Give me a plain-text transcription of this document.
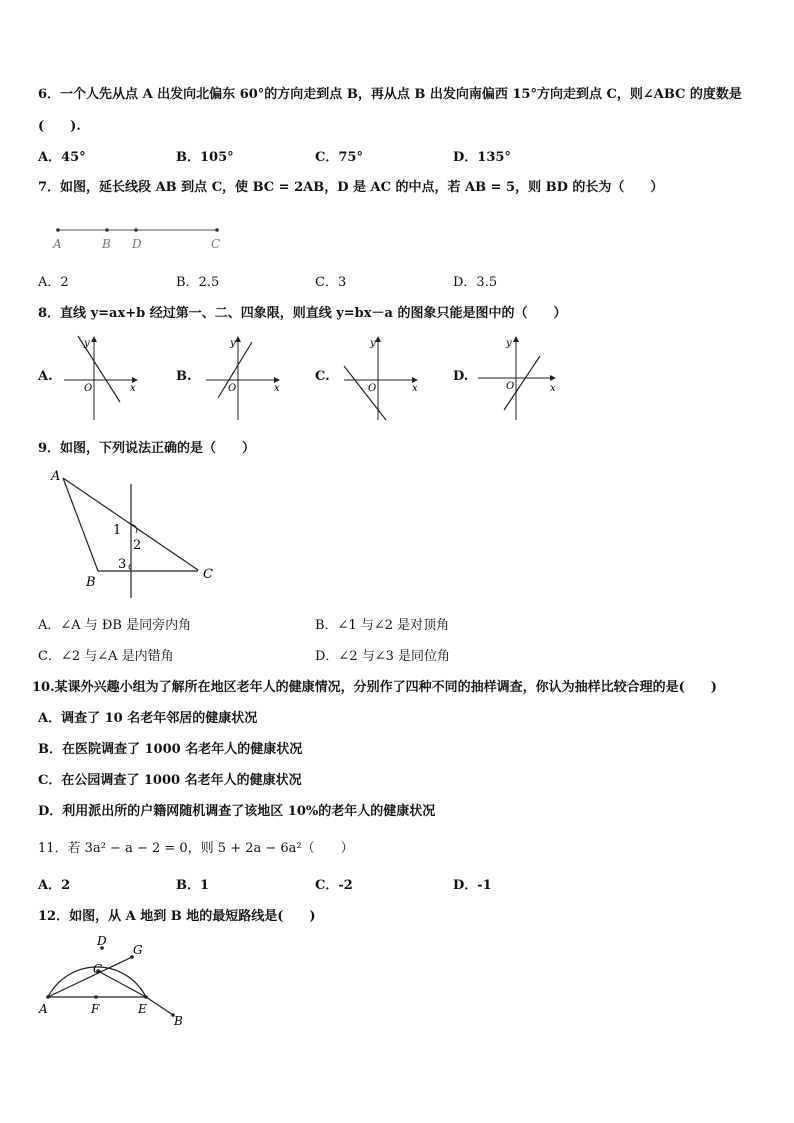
6．一个人先从点 A 出发向北偏东 60°的方向走到点 B，再从点 B 出发向南偏西 15°方向走到点 C，则∠ABC 的度数是
(　　).
A．45°	B．105°	C．75°	D．135°
7．如图，延长线段 AB 到点 C，使 BC = 2AB，D 是 AC 的中点，若 AB = 5，则 BD 的长为（　　）
A	B D	C
A．2	B．2.5	C．3	D．3.5
8．直线 y=ax+b 经过第一、二、四象限，则直线 y=bx－a 的图象只能是图中的（　　）
A.
y
x
O
B.
y
x
O
C.
y
x
O
D.
y
x
O
9．如图，下列说法正确的是（　　）
A
B
C
1
2
3
A．∠A 与 ÐB 是同旁内角	B．∠1 与∠2 是对顶角
C．∠2 与∠A 是内错角	D．∠2 与∠3 是同位角
10.某课外兴趣小组为了解所在地区老年人的健康情况，分别作了四种不同的抽样调查，你认为抽样比较合理的是(　　)
A．调查了 10 名老年邻居的健康状况
B．在医院调查了 1000 名老年人的健康状况
C．在公园调查了 1000 名老年人的健康状况
D．利用派出所的户籍网随机调查了该地区 10%的老年人的健康状况
11．若 3a² − a − 2 = 0，则 5 + 2a − 6a²（　　）
A．2	B．1	C．-2	D．-1
12．如图，从 A 地到 B 地的最短路线是(　　)
A	F	E
B
D
C
G
